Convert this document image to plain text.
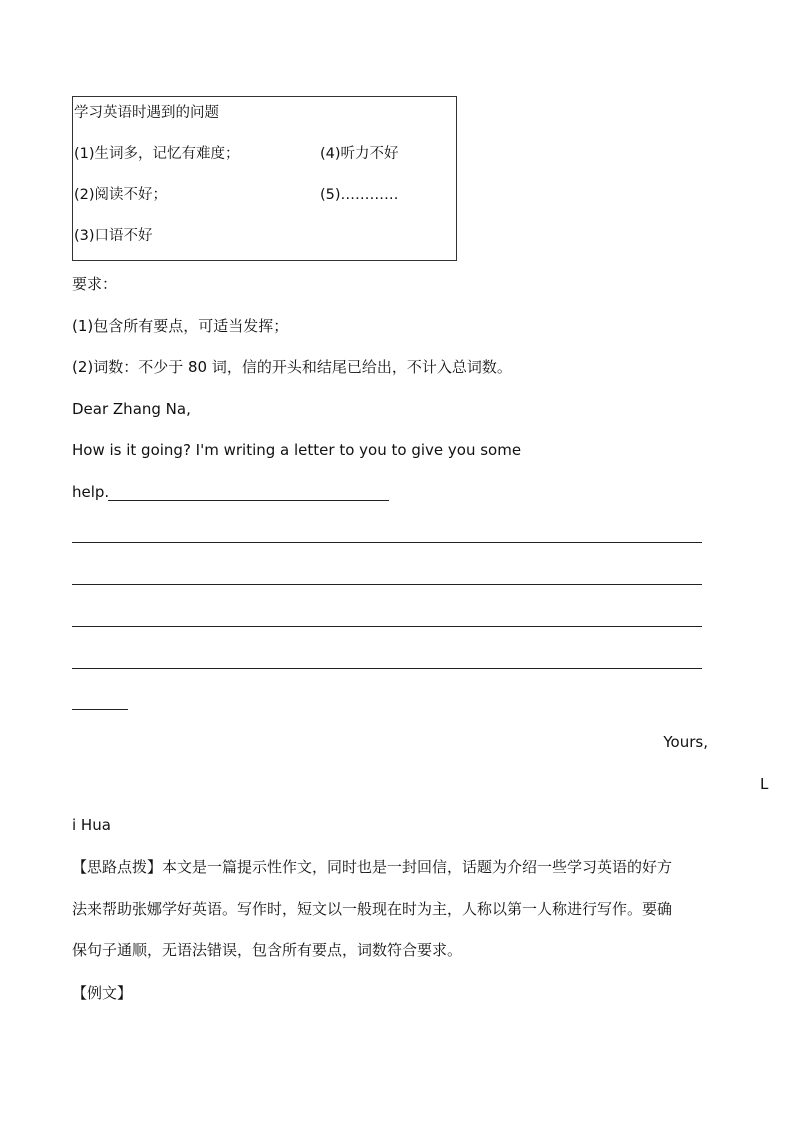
学习英语时遇到的问题
(1)生词多，记忆有难度；
(2)阅读不好；
(3)口语不好
(4)听力不好
(5)…………
要求：
(1)包含所有要点，可适当发挥；
(2)词数：不少于 80 词，信的开头和结尾已给出，不计入总词数。
Dear Zhang Na,
How is it going? I'm writing a letter to you to give you some
help.
Yours,
L
i Hua
【思路点拨】本文是一篇提示性作文，同时也是一封回信，话题为介绍一些学习英语的好方
法来帮助张娜学好英语。写作时，短文以一般现在时为主，人称以第一人称进行写作。要确
保句子通顺，无语法错误，包含所有要点，词数符合要求。
【例文】
